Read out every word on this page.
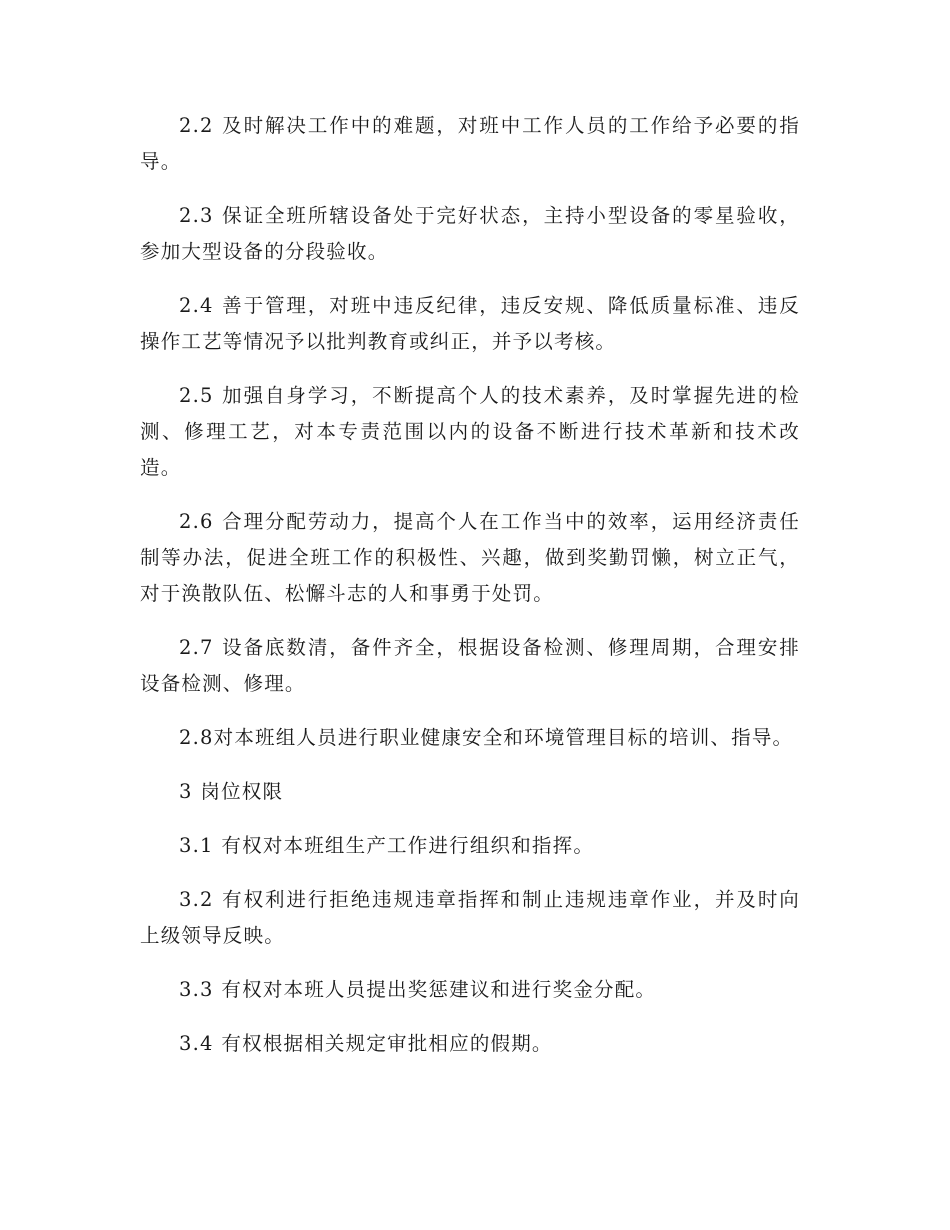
2.2 及时解决工作中的难题，对班中工作人员的工作给予必要的指导。

2.3 保证全班所辖设备处于完好状态，主持小型设备的零星验收，参加大型设备的分段验收。

2.4 善于管理，对班中违反纪律，违反安规、降低质量标准、违反操作工艺等情况予以批判教育或纠正，并予以考核。

2.5 加强自身学习，不断提高个人的技术素养，及时掌握先进的检测、修理工艺，对本专责范围以内的设备不断进行技术革新和技术改造。

2.6 合理分配劳动力，提高个人在工作当中的效率，运用经济责任制等办法，促进全班工作的积极性、兴趣，做到奖勤罚懒，树立正气，对于涣散队伍、松懈斗志的人和事勇于处罚。

2.7 设备底数清，备件齐全，根据设备检测、修理周期，合理安排设备检测、修理。

2.8对本班组人员进行职业健康安全和环境管理目标的培训、指导。

3 岗位权限

3.1 有权对本班组生产工作进行组织和指挥。

3.2 有权利进行拒绝违规违章指挥和制止违规违章作业，并及时向上级领导反映。

3.3 有权对本班人员提出奖惩建议和进行奖金分配。

3.4 有权根据相关规定审批相应的假期。
